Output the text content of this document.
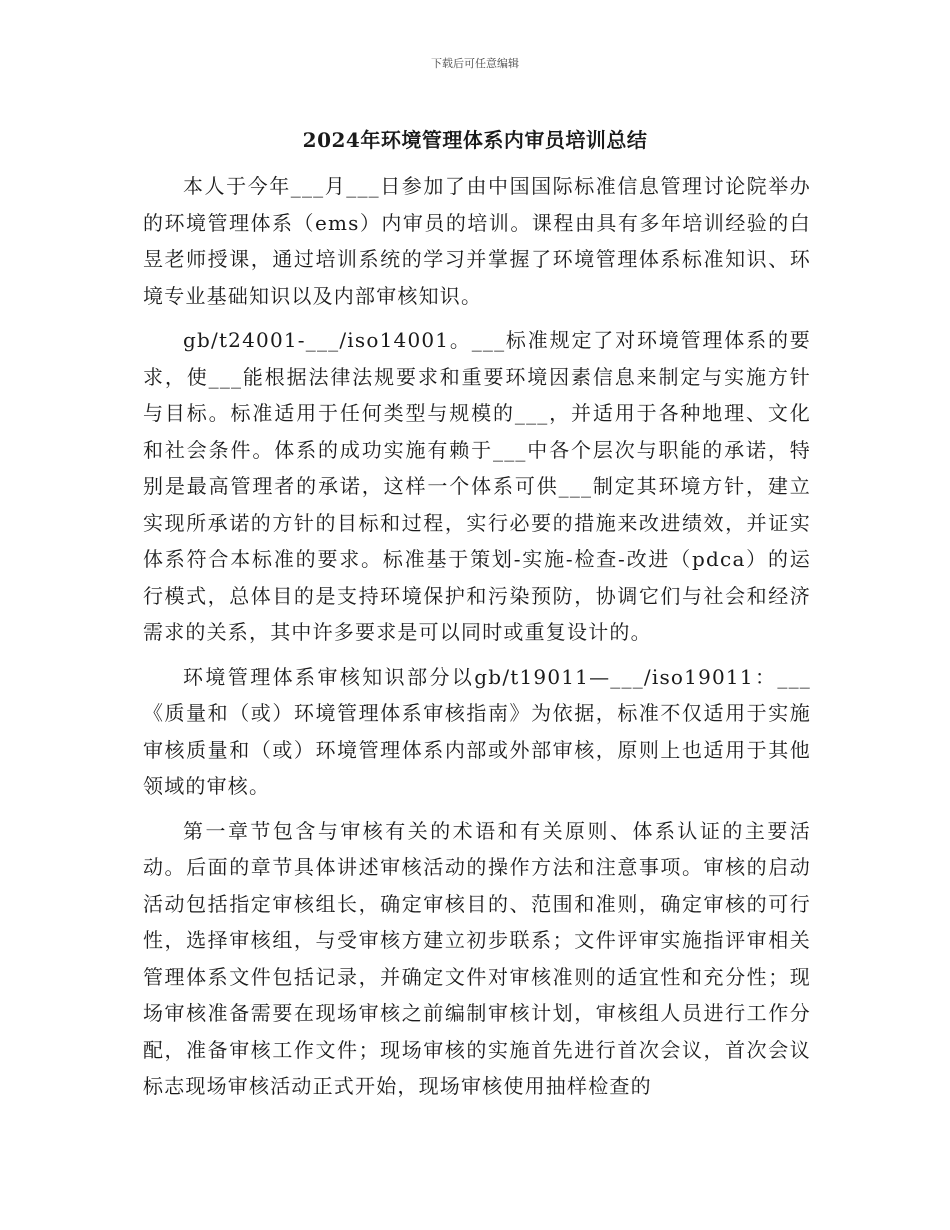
下载后可任意编辑
2024年环境管理体系内审员培训总结

本人于今年___月___日参加了由中国国际标准信息管理讨论院举办的环境管理体系（ems）内审员的培训。课程由具有多年培训经验的白昱老师授课，通过培训系统的学习并掌握了环境管理体系标准知识、环境专业基础知识以及内部审核知识。

gb/t24001-___/iso14001。___标准规定了对环境管理体系的要求，使___能根据法律法规要求和重要环境因素信息来制定与实施方针与目标。标准适用于任何类型与规模的___，并适用于各种地理、文化和社会条件。体系的成功实施有赖于___中各个层次与职能的承诺，特别是最高管理者的承诺，这样一个体系可供___制定其环境方针，建立实现所承诺的方针的目标和过程，实行必要的措施来改进绩效，并证实体系符合本标准的要求。标准基于策划-实施-检查-改进（pdca）的运行模式，总体目的是支持环境保护和污染预防，协调它们与社会和经济需求的关系，其中许多要求是可以同时或重复设计的。

环境管理体系审核知识部分以gb/t19011—___/iso19011：___《质量和（或）环境管理体系审核指南》为依据，标准不仅适用于实施审核质量和（或）环境管理体系内部或外部审核，原则上也适用于其他领域的审核。

第一章节包含与审核有关的术语和有关原则、体系认证的主要活动。后面的章节具体讲述审核活动的操作方法和注意事项。审核的启动活动包括指定审核组长，确定审核目的、范围和准则，确定审核的可行性，选择审核组，与受审核方建立初步联系；文件评审实施指评审相关管理体系文件包括记录，并确定文件对审核准则的适宜性和充分性；现场审核准备需要在现场审核之前编制审核计划，审核组人员进行工作分配，准备审核工作文件；现场审核的实施首先进行首次会议，首次会议标志现场审核活动正式开始，现场审核使用抽样检查的
